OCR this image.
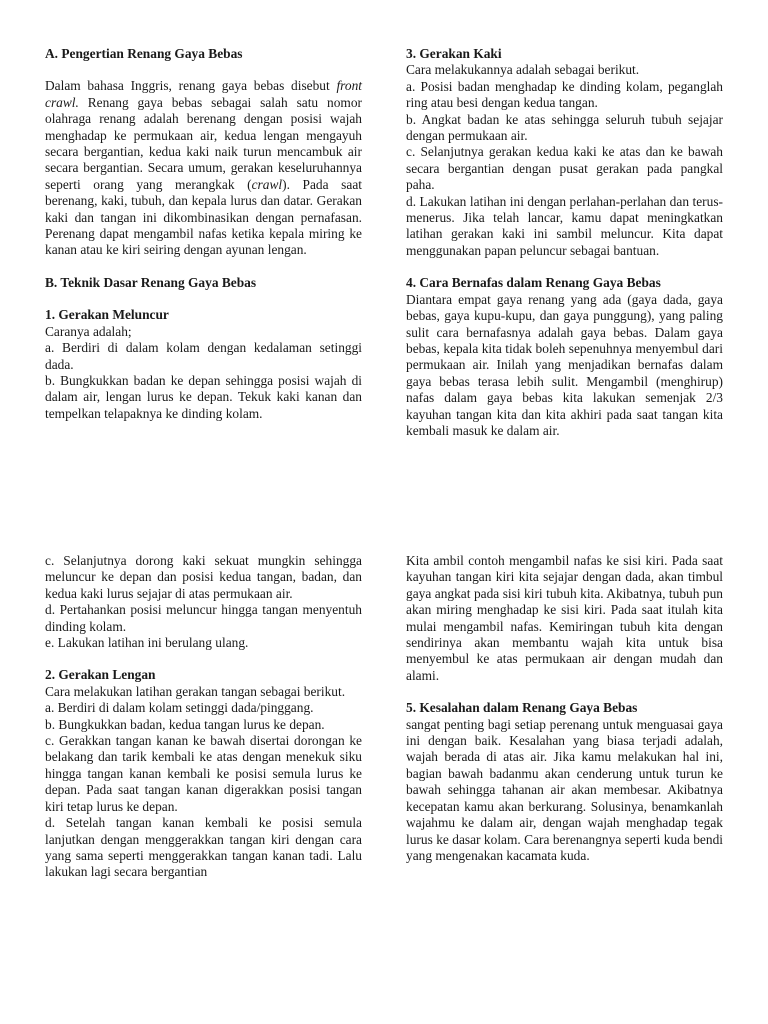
A. Pengertian Renang Gaya Bebas

Dalam bahasa Inggris, renang gaya bebas disebut front crawl. Renang gaya bebas sebagai salah satu nomor olahraga renang adalah berenang dengan posisi wajah menghadap ke permukaan air, kedua lengan mengayuh secara bergantian, kedua kaki naik turun mencambuk air secara bergantian. Secara umum, gerakan keseluruhannya seperti orang yang merangkak (crawl). Pada saat berenang, kaki, tubuh, dan kepala lurus dan datar. Gerakan kaki dan tangan ini dikombinasikan dengan pernafasan. Perenang dapat mengambil nafas ketika kepala miring ke kanan atau ke kiri seiring dengan ayunan lengan.

B. Teknik Dasar Renang Gaya Bebas

1. Gerakan Meluncur

Caranya adalah;

a. Berdiri di dalam kolam dengan kedalaman setinggi dada.

b. Bungkukkan badan ke depan sehingga posisi wajah di dalam air, lengan lurus ke depan. Tekuk kaki kanan dan tempelkan telapaknya ke dinding kolam.

3. Gerakan Kaki

Cara melakukannya adalah sebagai berikut.

a. Posisi badan menghadap ke dinding kolam, peganglah ring atau besi dengan kedua tangan.

b. Angkat badan ke atas sehingga seluruh tubuh sejajar dengan permukaan air.

c. Selanjutnya gerakan kedua kaki ke atas dan ke bawah secara bergantian dengan pusat gerakan pada pangkal paha.

d. Lakukan latihan ini dengan perlahan-perlahan dan terus-menerus. Jika telah lancar, kamu dapat meningkatkan latihan gerakan kaki ini sambil meluncur. Kita dapat menggunakan papan peluncur sebagai bantuan.

4. Cara Bernafas dalam Renang Gaya Bebas

Diantara empat gaya renang yang ada (gaya dada, gaya bebas, gaya kupu-kupu, dan gaya punggung), yang paling sulit cara bernafasnya adalah gaya bebas. Dalam gaya bebas, kepala kita tidak boleh sepenuhnya menyembul dari permukaan air. Inilah yang menjadikan bernafas dalam gaya bebas terasa lebih sulit. Mengambil (menghirup) nafas dalam gaya bebas kita lakukan semenjak 2/3 kayuhan tangan kita dan kita akhiri pada saat tangan kita kembali masuk ke dalam air.

c. Selanjutnya dorong kaki sekuat mungkin sehingga meluncur ke depan dan posisi kedua tangan, badan, dan kedua kaki lurus sejajar di atas permukaan air.

d. Pertahankan posisi meluncur hingga tangan menyentuh dinding kolam.

e. Lakukan latihan ini berulang ulang.

2. Gerakan Lengan

Cara melakukan latihan gerakan tangan sebagai berikut.

a. Berdiri di dalam kolam setinggi dada/pinggang.

b. Bungkukkan badan, kedua tangan lurus ke depan.

c. Gerakkan tangan kanan ke bawah disertai dorongan ke belakang dan tarik kembali ke atas dengan menekuk siku hingga tangan kanan kembali ke posisi semula lurus ke depan. Pada saat tangan kanan digerakkan posisi tangan kiri tetap lurus ke depan.

d. Setelah tangan kanan kembali ke posisi semula lanjutkan dengan menggerakkan tangan kiri dengan cara yang sama seperti menggerakkan tangan kanan tadi. Lalu lakukan lagi secara bergantian

Kita ambil contoh mengambil nafas ke sisi kiri. Pada saat kayuhan tangan kiri kita sejajar dengan dada, akan timbul gaya angkat pada sisi kiri tubuh kita. Akibatnya, tubuh pun akan miring menghadap ke sisi kiri. Pada saat itulah kita mulai mengambil nafas. Kemiringan tubuh kita dengan sendirinya akan membantu wajah kita untuk bisa menyembul ke atas permukaan air dengan mudah dan alami.

5. Kesalahan dalam Renang Gaya Bebas

sangat penting bagi setiap perenang untuk menguasai gaya ini dengan baik. Kesalahan yang biasa terjadi adalah, wajah berada di atas air. Jika kamu melakukan hal ini, bagian bawah badanmu akan cenderung untuk turun ke bawah sehingga tahanan air akan membesar. Akibatnya kecepatan kamu akan berkurang. Solusinya, benamkanlah wajahmu ke dalam air, dengan wajah menghadap tegak lurus ke dasar kolam. Cara berenangnya seperti kuda bendi yang mengenakan kacamata kuda.
